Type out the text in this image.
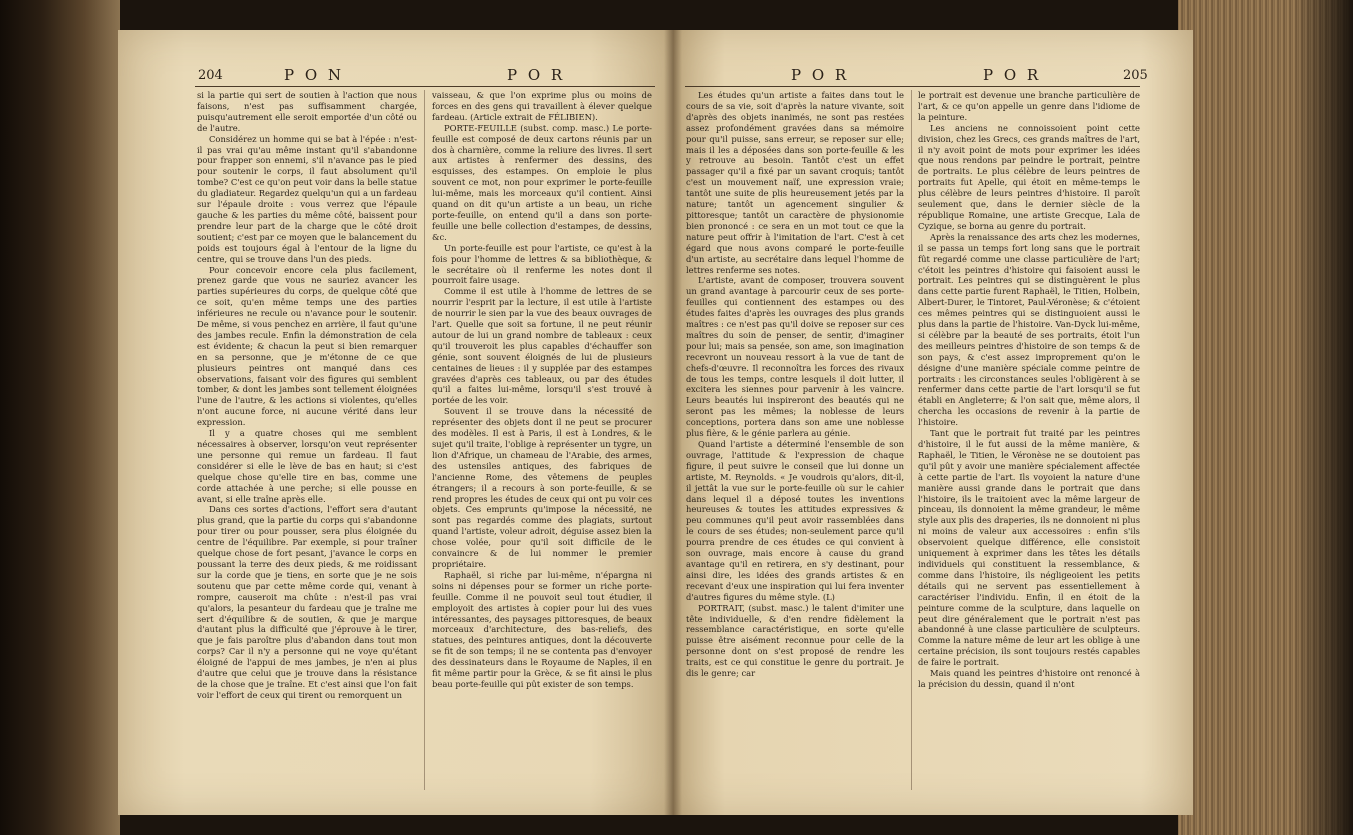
204	P O N	P O R	P O R	P O R	205

si la partie qui sert de soutien à l'action que nous faisons, n'est pas suffisamment chargée, puisqu'autrement elle seroit emportée d'un côté ou de l'autre.

Considérez un homme qui se bat à l'épée : n'est-il pas vrai qu'au même instant qu'il s'abandonne pour frapper son ennemi, s'il n'avance pas le pied pour soutenir le corps, il faut absolument qu'il tombe? C'est ce qu'on peut voir dans la belle statue du gladiateur. Regardez quelqu'un qui a un fardeau sur l'épaule droite : vous verrez que l'épaule gauche & les parties du même côté, baissent pour prendre leur part de la charge que le côté droit soutient; c'est par ce moyen que le balancement du poids est toujours égal à l'entour de la ligne du centre, qui se trouve dans l'un des pieds.

Pour concevoir encore cela plus facilement, prenez garde que vous ne sauriez avancer les parties supérieures du corps, de quelque côté que ce soit, qu'en même temps une des parties inférieures ne recule ou n'avance pour le soutenir. De même, si vous penchez en arrière, il faut qu'une des jambes recule. Enfin la démonstration de cela est évidente; & chacun la peut si bien remarquer en sa personne, que je m'étonne de ce que plusieurs peintres ont manqué dans ces observations, faisant voir des figures qui semblent tomber, & dont les jambes sont tellement éloignées l'une de l'autre, & les actions si violentes, qu'elles n'ont aucune force, ni aucune vérité dans leur expression.

Il y a quatre choses qui me semblent nécessaires à observer, lorsqu'on veut représenter une personne qui remue un fardeau. Il faut considérer si elle le lève de bas en haut; si c'est quelque chose qu'elle tire en bas, comme une corde attachée à une perche; si elle pousse en avant, si elle traîne après elle.

Dans ces sortes d'actions, l'effort sera d'autant plus grand, que la partie du corps qui s'abandonne pour tirer ou pour pousser, sera plus éloignée du centre de l'équilibre. Par exemple, si pour traîner quelque chose de fort pesant, j'avance le corps en poussant la terre des deux pieds, & me roidissant sur la corde que je tiens, en sorte que je ne sois soutenu que par cette même corde qui, venant à rompre, causeroit ma chûte : n'est-il pas vrai qu'alors, la pesanteur du fardeau que je traîne me sert d'équilibre & de soutien, & que je marque d'autant plus la difficulté que j'éprouve à le tirer, que je fais paroître plus d'abandon dans tout mon corps? Car il n'y a personne qui ne voye qu'étant éloigné de l'appui de mes jambes, je n'en ai plus d'autre que celui que je trouve dans la résistance de la chose que je traîne. Et c'est ainsi que l'on fait voir l'effort de ceux qui tirent ou remorquent un

vaisseau, & que l'on exprime plus ou moins de forces en des gens qui travaillent à élever quelque fardeau. (Article extrait de FÉLIBIEN).

PORTE-FEUILLE (subst. comp. masc.) Le porte-feuille est composé de deux cartons réunis par un dos à charnière, comme la reliure des livres. Il sert aux artistes à renfermer des dessins, des esquisses, des estampes. On emploie le plus souvent ce mot, non pour exprimer le porte-feuille lui-même, mais les morceaux qu'il contient. Ainsi quand on dit qu'un artiste a un beau, un riche porte-feuille, on entend qu'il a dans son porte-feuille une belle collection d'estampes, de dessins, &c.

Un porte-feuille est pour l'artiste, ce qu'est à la fois pour l'homme de lettres & sa bibliothèque, & le secrétaire où il renferme les notes dont il pourroit faire usage.

Comme il est utile à l'homme de lettres de se nourrir l'esprit par la lecture, il est utile à l'artiste de nourrir le sien par la vue des beaux ouvrages de l'art. Quelle que soit sa fortune, il ne peut réunir autour de lui un grand nombre de tableaux : ceux qu'il trouveroit les plus capables d'échauffer son génie, sont souvent éloignés de lui de plusieurs centaines de lieues : il y supplée par des estampes gravées d'après ces tableaux, ou par des études qu'il a faites lui-même, lorsqu'il s'est trouvé à portée de les voir.

Souvent il se trouve dans la nécessité de représenter des objets dont il ne peut se procurer des modèles. Il est à Paris, il est à Londres, & le sujet qu'il traite, l'oblige à représenter un tygre, un lion d'Afrique, un chameau de l'Arabie, des armes, des ustensiles antiques, des fabriques de l'ancienne Rome, des vêtemens de peuples étrangers; il a recours à son porte-feuille, & se rend propres les études de ceux qui ont pu voir ces objets. Ces emprunts qu'impose la nécessité, ne sont pas regardés comme des plagiats, surtout quand l'artiste, voleur adroit, déguise assez bien la chose volée, pour qu'il soit difficile de le convaincre & de lui nommer le premier propriétaire.

Raphaël, si riche par lui-même, n'épargna ni soins ni dépenses pour se former un riche porte-feuille. Comme il ne pouvoit seul tout étudier, il employoit des artistes à copier pour lui des vues intéressantes, des paysages pittoresques, de beaux morceaux d'architecture, des bas-reliefs, des statues, des peintures antiques, dont la découverte se fit de son temps; il ne se contenta pas d'envoyer des dessinateurs dans le Royaume de Naples, il en fit même partir pour la Grèce, & se fit ainsi le plus beau porte-feuille qui pût exister de son temps.

Les études qu'un artiste a faites dans tout le cours de sa vie, soit d'après la nature vivante, soit d'après des objets inanimés, ne sont pas restées assez profondément gravées dans sa mémoire pour qu'il puisse, sans erreur, se reposer sur elle; mais il les a déposées dans son porte-feuille & les y retrouve au besoin. Tantôt c'est un effet passager qu'il a fixé par un savant croquis; tantôt c'est un mouvement naïf, une expression vraie; tantôt une suite de plis heureusement jetés par la nature; tantôt un agencement singulier & pittoresque; tantôt un caractère de physionomie bien prononcé : ce sera en un mot tout ce que la nature peut offrir à l'imitation de l'art. C'est à cet égard que nous avons comparé le porte-feuille d'un artiste, au secrétaire dans lequel l'homme de lettres renferme ses notes.

L'artiste, avant de composer, trouvera souvent un grand avantage à parcourir ceux de ses porte-feuilles qui contiennent des estampes ou des études faites d'après les ouvrages des plus grands maîtres : ce n'est pas qu'il doive se reposer sur ces maîtres du soin de penser, de sentir, d'imaginer pour lui; mais sa pensée, son ame, son imagination recevront un nouveau ressort à la vue de tant de chefs-d'œuvre. Il reconnoîtra les forces des rivaux de tous les temps, contre lesquels il doit lutter, il excitera les siennes pour parvenir à les vaincre. Leurs beautés lui inspireront des beautés qui ne seront pas les mêmes; la noblesse de leurs conceptions, portera dans son ame une noblesse plus fière, & le génie parlera au génie.

Quand l'artiste a déterminé l'ensemble de son ouvrage, l'attitude & l'expression de chaque figure, il peut suivre le conseil que lui donne un artiste, M. Reynolds. « Je voudrois qu'alors, dit-il, il jettât la vue sur le porte-feuille où sur le cahier dans lequel il a déposé toutes les inventions heureuses & toutes les attitudes expressives & peu communes qu'il peut avoir rassemblées dans le cours de ses études; non-seulement parce qu'il pourra prendre de ces études ce qui convient à son ouvrage, mais encore à cause du grand avantage qu'il en retirera, en s'y destinant, pour ainsi dire, les idées des grands artistes & en recevant d'eux une inspiration qui lui fera inventer d'autres figures du même style. (L)

PORTRAIT, (subst. masc.) le talent d'imiter une tête individuelle, & d'en rendre fidèlement la ressemblance caractéristique, en sorte qu'elle puisse être aisément reconnue pour celle de la personne dont on s'est proposé de rendre les traits, est ce qui constitue le genre du portrait. Je dis le genre; car

le portrait est devenue une branche particulière de l'art, & ce qu'on appelle un genre dans l'idiome de la peinture.

Les anciens ne connoissoient point cette division, chez les Grecs, ces grands maîtres de l'art, il n'y avoit point de mots pour exprimer les idées que nous rendons par peindre le portrait, peintre de portraits. Le plus célèbre de leurs peintres de portraits fut Apelle, qui étoit en même-temps le plus célèbre de leurs peintres d'histoire. Il paroît seulement que, dans le dernier siècle de la république Romaine, une artiste Grecque, Lala de Cyzique, se borna au genre du portrait.

Après la renaissance des arts chez les modernes, il se passa un temps fort long sans que le portrait fût regardé comme une classe particulière de l'art; c'étoit les peintres d'histoire qui faisoient aussi le portrait. Les peintres qui se distinguèrent le plus dans cette partie furent Raphaël, le Titien, Holbein, Albert-Durer, le Tintoret, Paul-Véronèse; & c'étoient ces mêmes peintres qui se distinguoient aussi le plus dans la partie de l'histoire. Van-Dyck lui-même, si célèbre par la beauté de ses portraits, étoit l'un des meilleurs peintres d'histoire de son temps & de son pays, & c'est assez improprement qu'on le désigne d'une manière spéciale comme peintre de portraits : les circonstances seules l'obligèrent à se renfermer dans cette partie de l'art lorsqu'il se fut établi en Angleterre; & l'on sait que, même alors, il chercha les occasions de revenir à la partie de l'histoire.

Tant que le portrait fut traité par les peintres d'histoire, il le fut aussi de la même manière, & Raphaël, le Titien, le Véronèse ne se doutoient pas qu'il pût y avoir une manière spécialement affectée à cette partie de l'art. Ils voyoient la nature d'une manière aussi grande dans le portrait que dans l'histoire, ils le traitoient avec la même largeur de pinceau, ils donnoient la même grandeur, le même style aux plis des draperies, ils ne donnoient ni plus ni moins de valeur aux accessoires : enfin s'ils observoient quelque différence, elle consistoit uniquement à exprimer dans les têtes les détails individuels qui constituent la ressemblance, & comme dans l'histoire, ils négligeoient les petits détails qui ne servent pas essentiellement à caractériser l'individu. Enfin, il en étoit de la peinture comme de la sculpture, dans laquelle on peut dire généralement que le portrait n'est pas abandonné à une classe particulière de sculpteurs. Comme la nature même de leur art les oblige à une certaine précision, ils sont toujours restés capables de faire le portrait.

Mais quand les peintres d'histoire ont renoncé à la précision du dessin, quand il n'ont
